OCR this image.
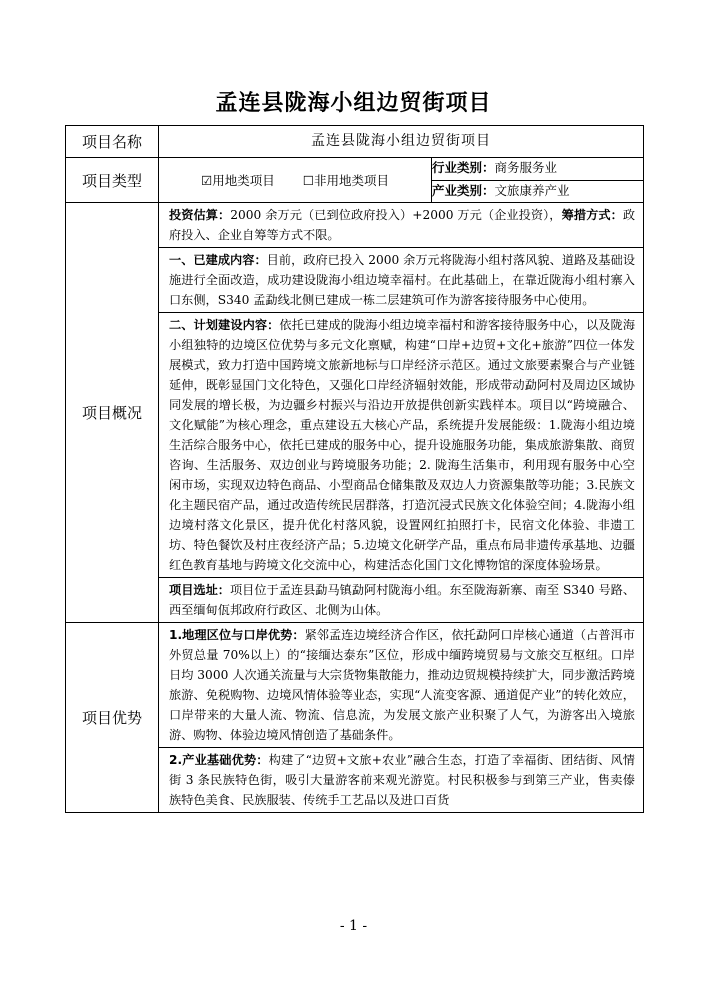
孟连县陇海小组边贸街项目
项目名称	孟连县陇海小组边贸街项目	

项目类型	☑用地类项目 ☐非用地类项目	行业类别：商务服务业
		产业类别：文旅康养产业
项目概况	投资估算：2000 余万元（已到位政府投入）+2000 万元（企业投资），筹措方式：政府投入、企业自筹等方式不限。	

	一、已建成内容：目前，政府已投入 2000 余万元将陇海小组村落风貌、道路及基础设施进行全面改造，成功建设陇海小组边境幸福村。在此基础上，在靠近陇海小组村寨入口东侧，S340 孟勐线北侧已建成一栋二层建筑可作为游客接待服务中心使用。	

	二、计划建设内容：依托已建成的陇海小组边境幸福村和游客接待服务中心，以及陇海小组独特的边境区位优势与多元文化禀赋，构建“口岸+边贸+文化+旅游”四位一体发展模式，致力打造中国跨境文旅新地标与口岸经济示范区。通过文旅要素聚合与产业链延伸，既彰显国门文化特色，又强化口岸经济辐射效能，形成带动勐阿村及周边区域协同发展的增长极，为边疆乡村振兴与沿边开放提供创新实践样本。项目以“跨境融合、文化赋能”为核心理念，重点建设五大核心产品，系统提升发展能级：1.陇海小组边境生活综合服务中心，依托已建成的服务中心，提升设施服务功能，集成旅游集散、商贸咨询、生活服务、双边创业与跨境服务功能；2. 陇海生活集市，利用现有服务中心空闲市场，实现双边特色商品、小型商品仓储集散及双边人力资源集散等功能；3.民族文化主题民宿产品，通过改造传统民居群落，打造沉浸式民族文化体验空间；4.陇海小组边境村落文化景区，提升优化村落风貌，设置网红拍照打卡，民宿文化体验、非遗工坊、特色餐饮及村庄夜经济产品；5.边境文化研学产品，重点布局非遗传承基地、边疆红色教育基地与跨境文化交流中心，构建活态化国门文化博物馆的深度体验场景。	

	项目选址：项目位于孟连县勐马镇勐阿村陇海小组。东至陇海新寨、南至 S340 号路、西至缅甸佤邦政府行政区、北侧为山体。	

项目优势	1.地理区位与口岸优势：紧邻孟连边境经济合作区，依托勐阿口岸核心通道（占普洱市外贸总量 70%以上）的“接缅达泰东”区位，形成中缅跨境贸易与文旅交互枢纽。口岸日均 3000 人次通关流量与大宗货物集散能力，推动边贸规模持续扩大，同步激活跨境旅游、免税购物、边境风情体验等业态，实现“人流变客源、通道促产业”的转化效应，口岸带来的大量人流、物流、信息流，为发展文旅产业积聚了人气，为游客出入境旅游、购物、体验边境风情创造了基础条件。	

	2.产业基础优势：构建了“边贸+文旅+农业”融合生态，打造了幸福街、团结街、风情街 3 条民族特色街，吸引大量游客前来观光游览。村民积极参与到第三产业，售卖傣族特色美食、民族服装、传统手工艺品以及进口百货	
- 1 -
